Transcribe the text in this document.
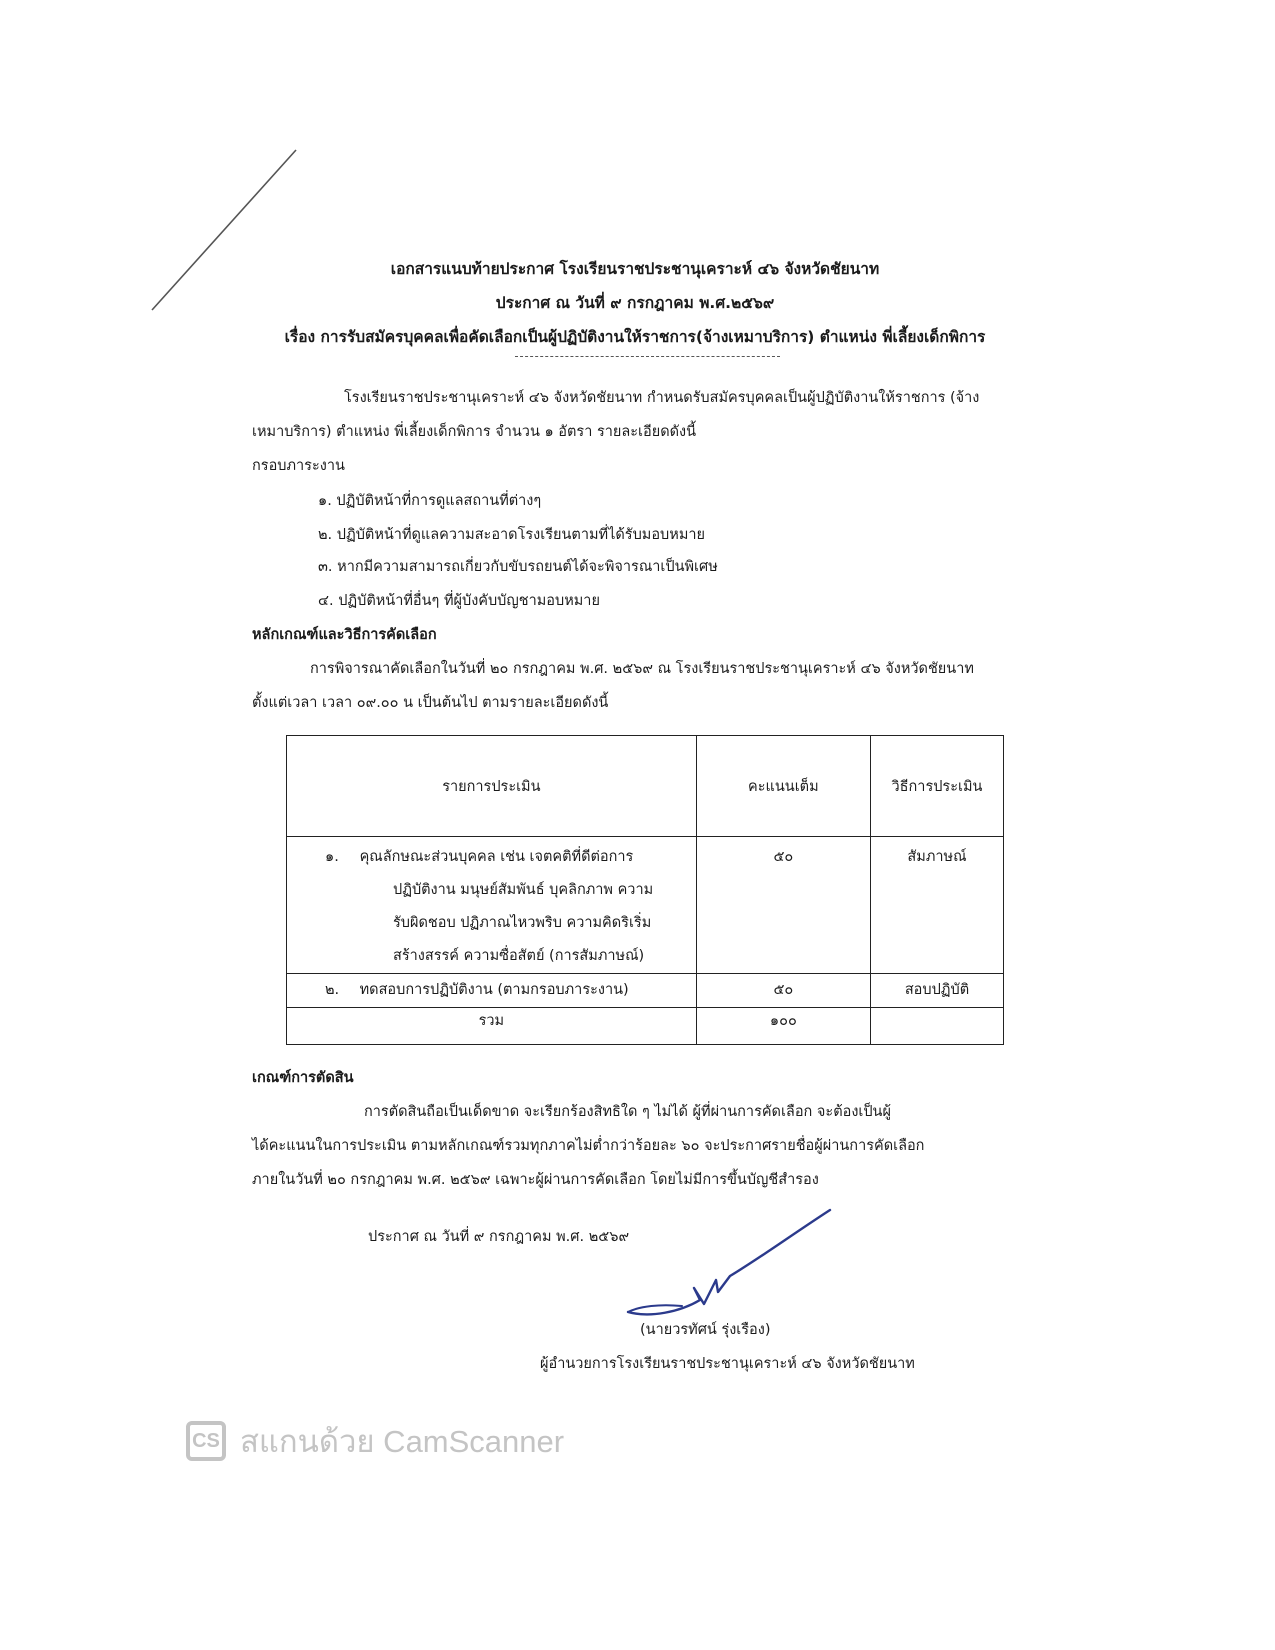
เอกสารแนบท้ายประกาศ โรงเรียนราชประชานุเคราะห์ ๔๖ จังหวัดชัยนาท
ประกาศ ณ วันที่ ๙ กรกฎาคม พ.ศ.๒๕๖๙
เรื่อง การรับสมัครบุคคลเพื่อคัดเลือกเป็นผู้ปฏิบัติงานให้ราชการ(จ้างเหมาบริการ) ตำแหน่ง พี่เลี้ยงเด็กพิการ
โรงเรียนราชประชานุเคราะห์ ๔๖ จังหวัดชัยนาท กำหนดรับสมัครบุคคลเป็นผู้ปฏิบัติงานให้ราชการ (จ้าง
เหมาบริการ) ตำแหน่ง พี่เลี้ยงเด็กพิการ จำนวน ๑ อัตรา รายละเอียดดังนี้
กรอบภาระงาน
๑. ปฏิบัติหน้าที่การดูแลสถานที่ต่างๆ
๒. ปฏิบัติหน้าที่ดูแลความสะอาดโรงเรียนตามที่ได้รับมอบหมาย
๓. หากมีความสามารถเกี่ยวกับขับรถยนต์ได้จะพิจารณาเป็นพิเศษ
๔. ปฏิบัติหน้าที่อื่นๆ ที่ผู้บังคับบัญชามอบหมาย
หลักเกณฑ์และวิธีการคัดเลือก
การพิจารณาคัดเลือกในวันที่ ๒๐ กรกฎาคม พ.ศ. ๒๕๖๙ ณ โรงเรียนราชประชานุเคราะห์ ๔๖ จังหวัดชัยนาท
ตั้งแต่เวลา เวลา ๐๙.๐๐ น เป็นต้นไป ตามรายละเอียดดังนี้
รายการประเมิน	คะแนนเต็ม	วิธีการประเมิน

๑. คุณลักษณะส่วนบุคคล เช่น เจตคติที่ดีต่อการ
ปฏิบัติงาน มนุษย์สัมพันธ์ บุคลิกภาพ ความ
รับผิดชอบ ปฏิภาณไหวพริบ ความคิดริเริ่ม
สร้างสรรค์ ความซื่อสัตย์ (การสัมภาษณ์)	๕๐	สัมภาษณ์

๒. ทดสอบการปฏิบัติงาน (ตามกรอบภาระงาน)	๕๐	สอบปฏิบัติ
รวม	๑๐๐	
เกณฑ์การตัดสิน
การตัดสินถือเป็นเด็ดขาด จะเรียกร้องสิทธิใด ๆ ไม่ได้ ผู้ที่ผ่านการคัดเลือก จะต้องเป็นผู้
ได้คะแนนในการประเมิน ตามหลักเกณฑ์รวมทุกภาคไม่ต่ำกว่าร้อยละ ๖๐ จะประกาศรายชื่อผู้ผ่านการคัดเลือก
ภายในวันที่ ๒๐ กรกฎาคม พ.ศ. ๒๕๖๙ เฉพาะผู้ผ่านการคัดเลือก โดยไม่มีการขึ้นบัญชีสำรอง
ประกาศ ณ วันที่ ๙ กรกฎาคม พ.ศ. ๒๕๖๙
(นายวรทัศน์ รุ่งเรือง)
ผู้อำนวยการโรงเรียนราชประชานุเคราะห์ ๔๖ จังหวัดชัยนาท
CS สแกนด้วย CamScanner
